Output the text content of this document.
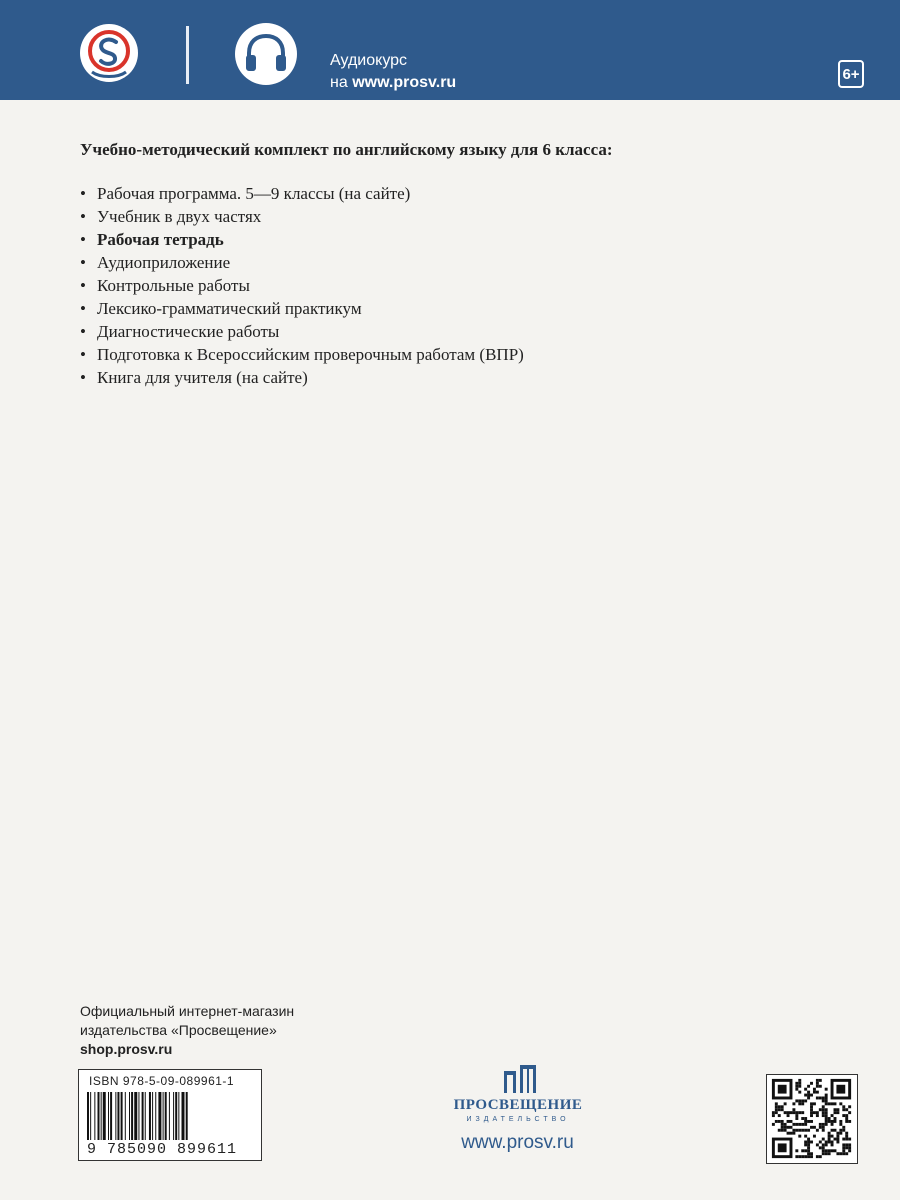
Аудиокурс
на www.prosv.ru	6+
Учебно-методический комплект по английскому языку для 6 класса:
• Рабочая программа. 5—9 классы (на сайте)
• Учебник в двух частях
• Рабочая тетрадь
• Аудиоприложение
• Контрольные работы
• Лексико-грамматический практикум
• Диагностические работы
• Подготовка к Всероссийским проверочным работам (ВПР)
• Книга для учителя (на сайте)
Официальный интернет-магазин
издательства «Просвещение»
shop.prosv.ru
ISBN 978-5-09-089961-1
9 785090 899611
ПРОСВЕЩЕНИЕ
ИЗДАТЕЛЬСТВО
www.prosv.ru
